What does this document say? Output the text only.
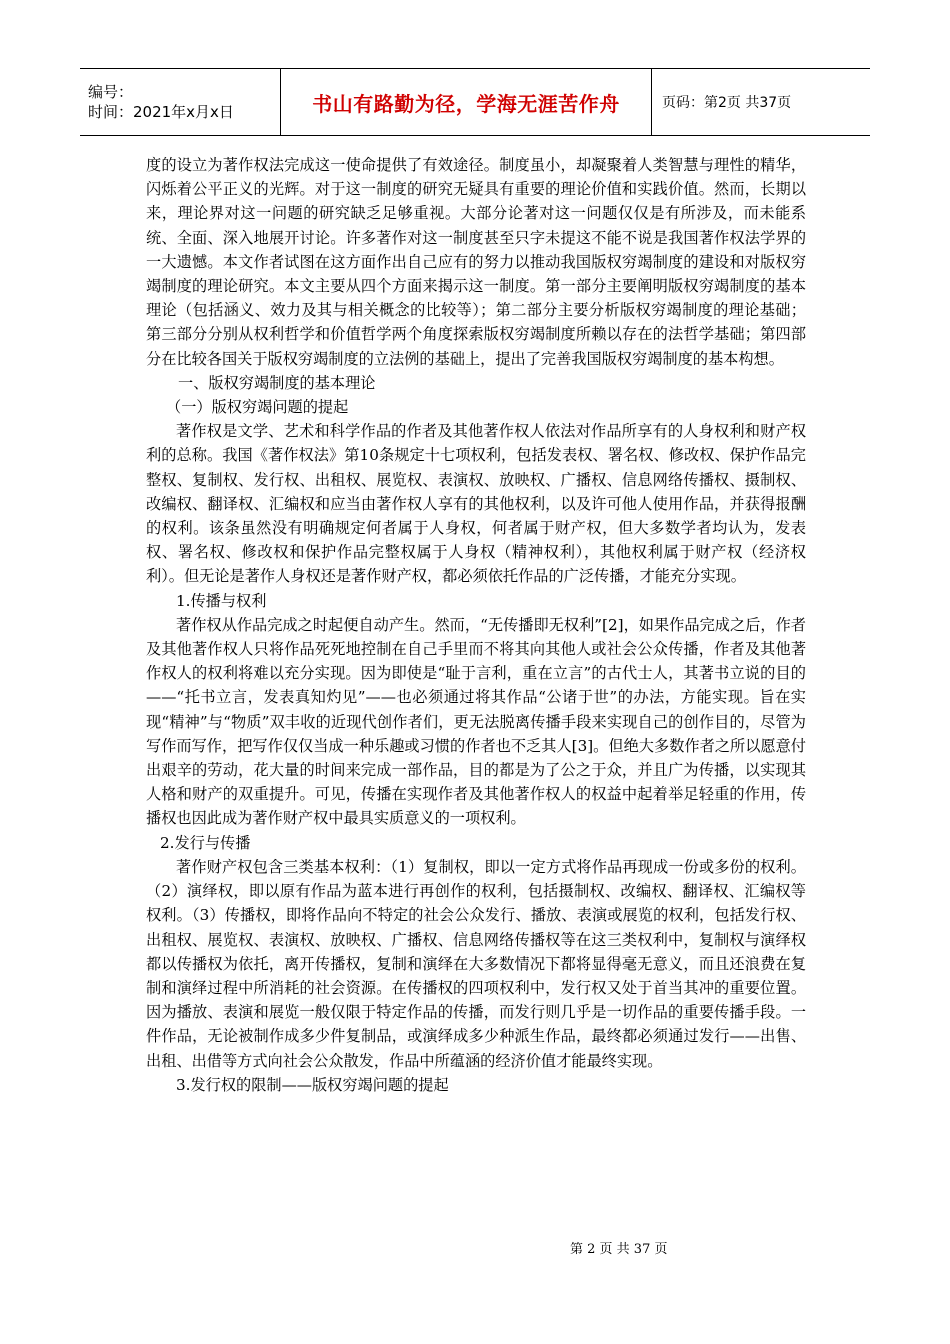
编号：
时间：2021年x月x日	书山有路勤为径，学海无涯苦作舟	页码：第2页 共37页

度的设立为著作权法完成这一使命提供了有效途径。制度虽小，却凝聚着人类智慧与理性的精华，闪烁着公平正义的光辉。对于这一制度的研究无疑具有重要的理论价值和实践价值。然而，长期以来，理论界对这一问题的研究缺乏足够重视。大部分论著对这一问题仅仅是有所涉及，而未能系统、全面、深入地展开讨论。许多著作对这一制度甚至只字未提这不能不说是我国著作权法学界的一大遗憾。本文作者试图在这方面作出自己应有的努力以推动我国版权穷竭制度的建设和对版权穷竭制度的理论研究。本文主要从四个方面来揭示这一制度。第一部分主要阐明版权穷竭制度的基本理论（包括涵义、效力及其与相关概念的比较等）；第二部分主要分析版权穷竭制度的理论基础；第三部分分别从权利哲学和价值哲学两个角度探索版权穷竭制度所赖以存在的法哲学基础；第四部分在比较各国关于版权穷竭制度的立法例的基础上，提出了完善我国版权穷竭制度的基本构想。

一、版权穷竭制度的基本理论

（一）版权穷竭问题的提起

著作权是文学、艺术和科学作品的作者及其他著作权人依法对作品所享有的人身权利和财产权利的总称。我国《著作权法》第10条规定十七项权利，包括发表权、署名权、修改权、保护作品完整权、复制权、发行权、出租权、展览权、表演权、放映权、广播权、信息网络传播权、摄制权、改编权、翻译权、汇编权和应当由著作权人享有的其他权利，以及许可他人使用作品，并获得报酬的权利。该条虽然没有明确规定何者属于人身权，何者属于财产权，但大多数学者均认为，发表权、署名权、修改权和保护作品完整权属于人身权（精神权利），其他权利属于财产权（经济权利）。但无论是著作人身权还是著作财产权，都必须依托作品的广泛传播，才能充分实现。

1.传播与权利

著作权从作品完成之时起便自动产生。然而，“无传播即无权利”[2]，如果作品完成之后，作者及其他著作权人只将作品死死地控制在自己手里而不将其向其他人或社会公众传播，作者及其他著作权人的权利将难以充分实现。因为即使是“耻于言利，重在立言”的古代士人，其著书立说的目的——“托书立言，发表真知灼见”——也必须通过将其作品“公诸于世”的办法，方能实现。旨在实现“精神”与“物质”双丰收的近现代创作者们，更无法脱离传播手段来实现自己的创作目的，尽管为写作而写作，把写作仅仅当成一种乐趣或习惯的作者也不乏其人[3]。但绝大多数作者之所以愿意付出艰辛的劳动，花大量的时间来完成一部作品，目的都是为了公之于众，并且广为传播，以实现其人格和财产的双重提升。可见，传播在实现作者及其他著作权人的权益中起着举足轻重的作用，传播权也因此成为著作财产权中最具实质意义的一项权利。

2.发行与传播

著作财产权包含三类基本权利：（1）复制权，即以一定方式将作品再现成一份或多份的权利。（2）演绎权，即以原有作品为蓝本进行再创作的权利，包括摄制权、改编权、翻译权、汇编权等权利。（3）传播权，即将作品向不特定的社会公众发行、播放、表演或展览的权利，包括发行权、出租权、展览权、表演权、放映权、广播权、信息网络传播权等在这三类权利中，复制权与演绎权都以传播权为依托，离开传播权，复制和演绎在大多数情况下都将显得毫无意义，而且还浪费在复制和演绎过程中所消耗的社会资源。在传播权的四项权利中，发行权又处于首当其冲的重要位置。因为播放、表演和展览一般仅限于特定作品的传播，而发行则几乎是一切作品的重要传播手段。一件作品，无论被制作成多少件复制品，或演绎成多少种派生作品，最终都必须通过发行——出售、出租、出借等方式向社会公众散发，作品中所蕴涵的经济价值才能最终实现。

3.发行权的限制——版权穷竭问题的提起

第 2 页 共 37 页
